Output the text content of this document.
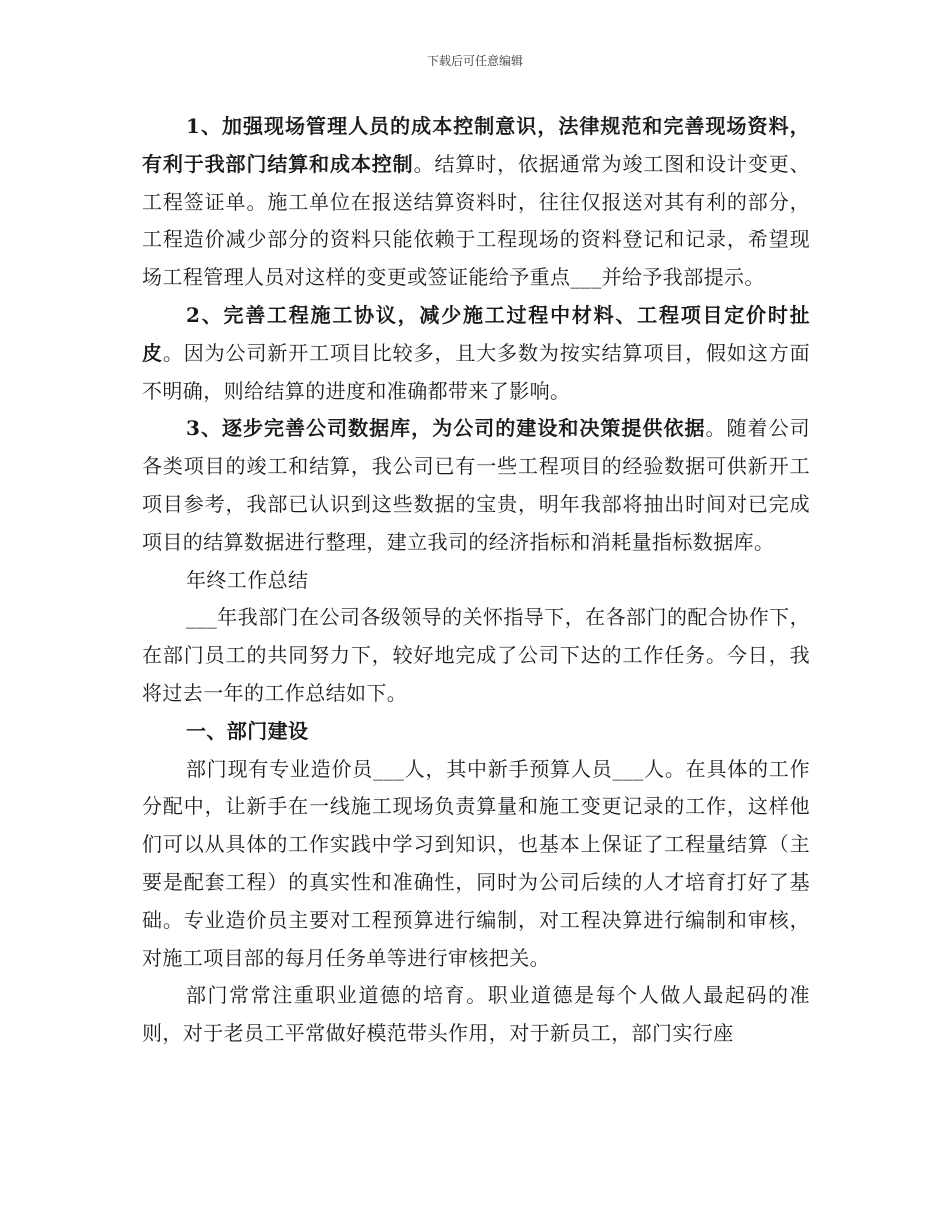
下载后可任意编辑

1、加强现场管理人员的成本控制意识，法律规范和完善现场资料，有利于我部门结算和成本控制。结算时，依据通常为竣工图和设计变更、工程签证单。施工单位在报送结算资料时，往往仅报送对其有利的部分，工程造价减少部分的资料只能依赖于工程现场的资料登记和记录，希望现场工程管理人员对这样的变更或签证能给予重点___并给予我部提示。

2、完善工程施工协议，减少施工过程中材料、工程项目定价时扯皮。因为公司新开工项目比较多，且大多数为按实结算项目，假如这方面不明确，则给结算的进度和准确都带来了影响。

3、逐步完善公司数据库，为公司的建设和决策提供依据。随着公司各类项目的竣工和结算，我公司已有一些工程项目的经验数据可供新开工项目参考，我部已认识到这些数据的宝贵，明年我部将抽出时间对已完成项目的结算数据进行整理，建立我司的经济指标和消耗量指标数据库。

年终工作总结

___年我部门在公司各级领导的关怀指导下，在各部门的配合协作下，在部门员工的共同努力下，较好地完成了公司下达的工作任务。今日，我将过去一年的工作总结如下。

一、部门建设

部门现有专业造价员___人，其中新手预算人员___人。在具体的工作分配中，让新手在一线施工现场负责算量和施工变更记录的工作，这样他们可以从具体的工作实践中学习到知识，也基本上保证了工程量结算（主要是配套工程）的真实性和准确性，同时为公司后续的人才培育打好了基础。专业造价员主要对工程预算进行编制，对工程决算进行编制和审核，对施工项目部的每月任务单等进行审核把关。

部门常常注重职业道德的培育。职业道德是每个人做人最起码的准则，对于老员工平常做好模范带头作用，对于新员工，部门实行座
